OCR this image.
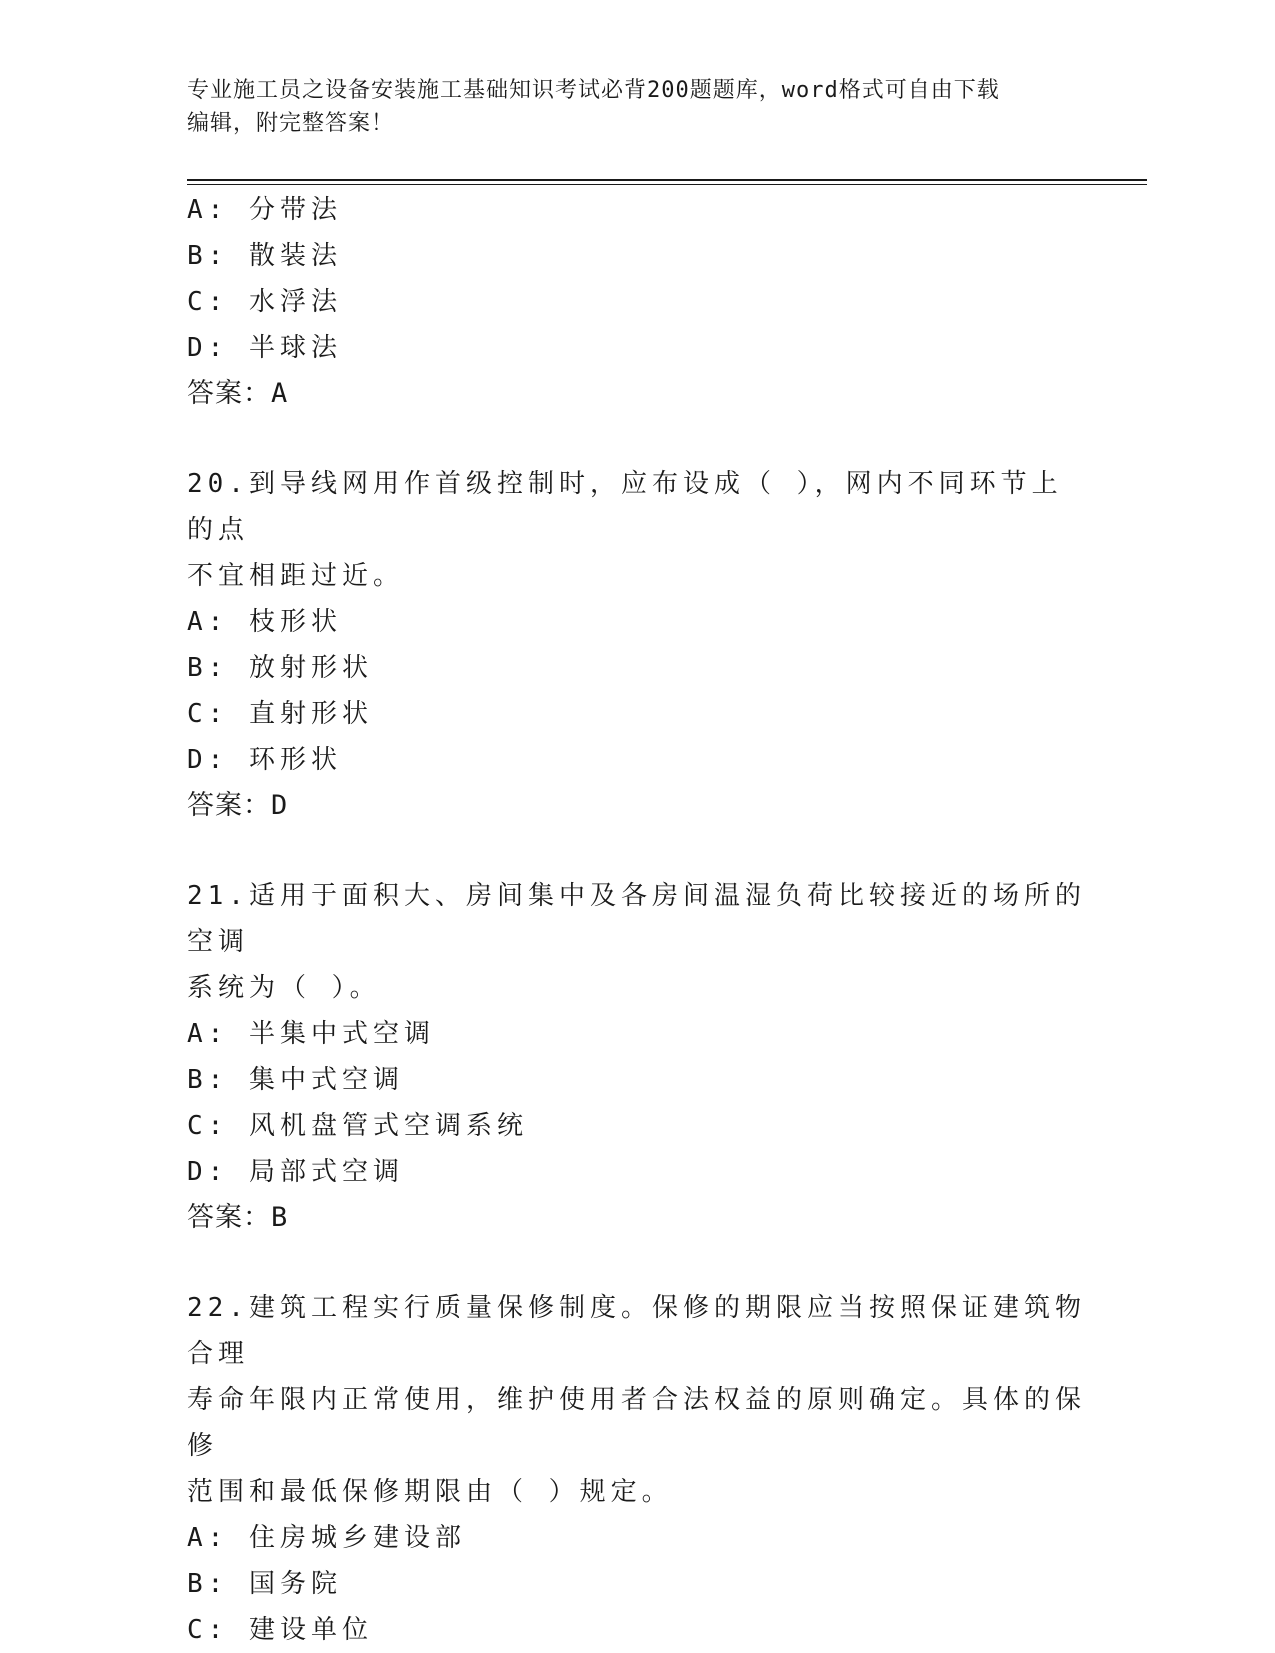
专业施工员之设备安装施工基础知识考试必背200题题库，word格式可自由下载
编辑，附完整答案！
A: 分带法
B: 散装法
C: 水浮法
D: 半球法
答案：A
20.到导线网用作首级控制时，应布设成（ ），网内不同环节上的点
不宜相距过近。
A: 枝形状
B: 放射形状
C: 直射形状
D: 环形状
答案：D
21.适用于面积大、房间集中及各房间温湿负荷比较接近的场所的空调
系统为（ ）。
A: 半集中式空调
B: 集中式空调
C: 风机盘管式空调系统
D: 局部式空调
答案：B
22.建筑工程实行质量保修制度。保修的期限应当按照保证建筑物合理
寿命年限内正常使用，维护使用者合法权益的原则确定。具体的保修
范围和最低保修期限由（ ）规定。
A: 住房城乡建设部
B: 国务院
C: 建设单位
